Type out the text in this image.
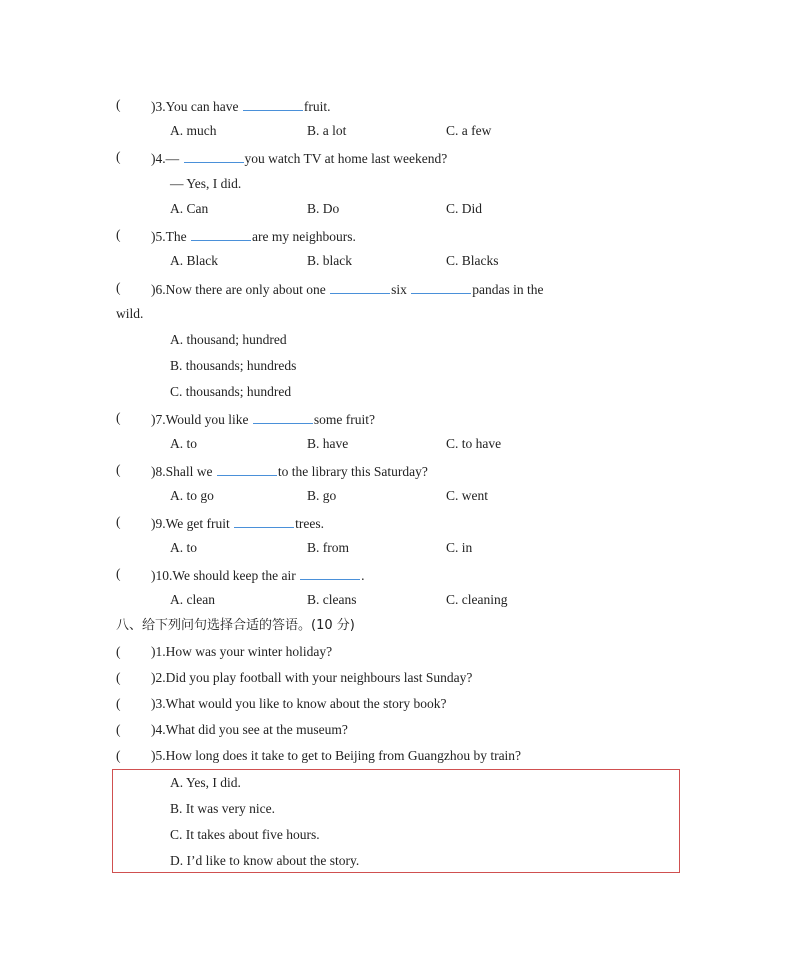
( )3.You can have	fruit.
A. much	B. a lot	C. a few
( )4.—	you watch TV at home last weekend?
— Yes, I did.
A. Can	B. Do	C. Did
( )5.The	are my neighbours.
A. Black	B. black	C. Blacks
( )6.Now there are only about one	six	pandas in the
wild.
A. thousand; hundred
B. thousands; hundreds
C. thousands; hundred
( )7.Would you like	some fruit?
A. to	B. have	C. to have
( )8.Shall we	to the library this Saturday?
A. to go	B. go	C. went
( )9.We get fruit	trees.
A. to	B. from	C. in
( )10.We should keep the air	.
A. clean	B. cleans	C. cleaning
八、给下列问句选择合适的答语。(10 分)
( )1.How was your winter holiday?
( )2.Did you play football with your neighbours last Sunday?
( )3.What would you like to know about the story book?
( )4.What did you see at the museum?
( )5.How long does it take to get to Beijing from Guangzhou by train?
A. Yes, I did.
B. It was very nice.
C. It takes about five hours.
D. I’d like to know about the story.
